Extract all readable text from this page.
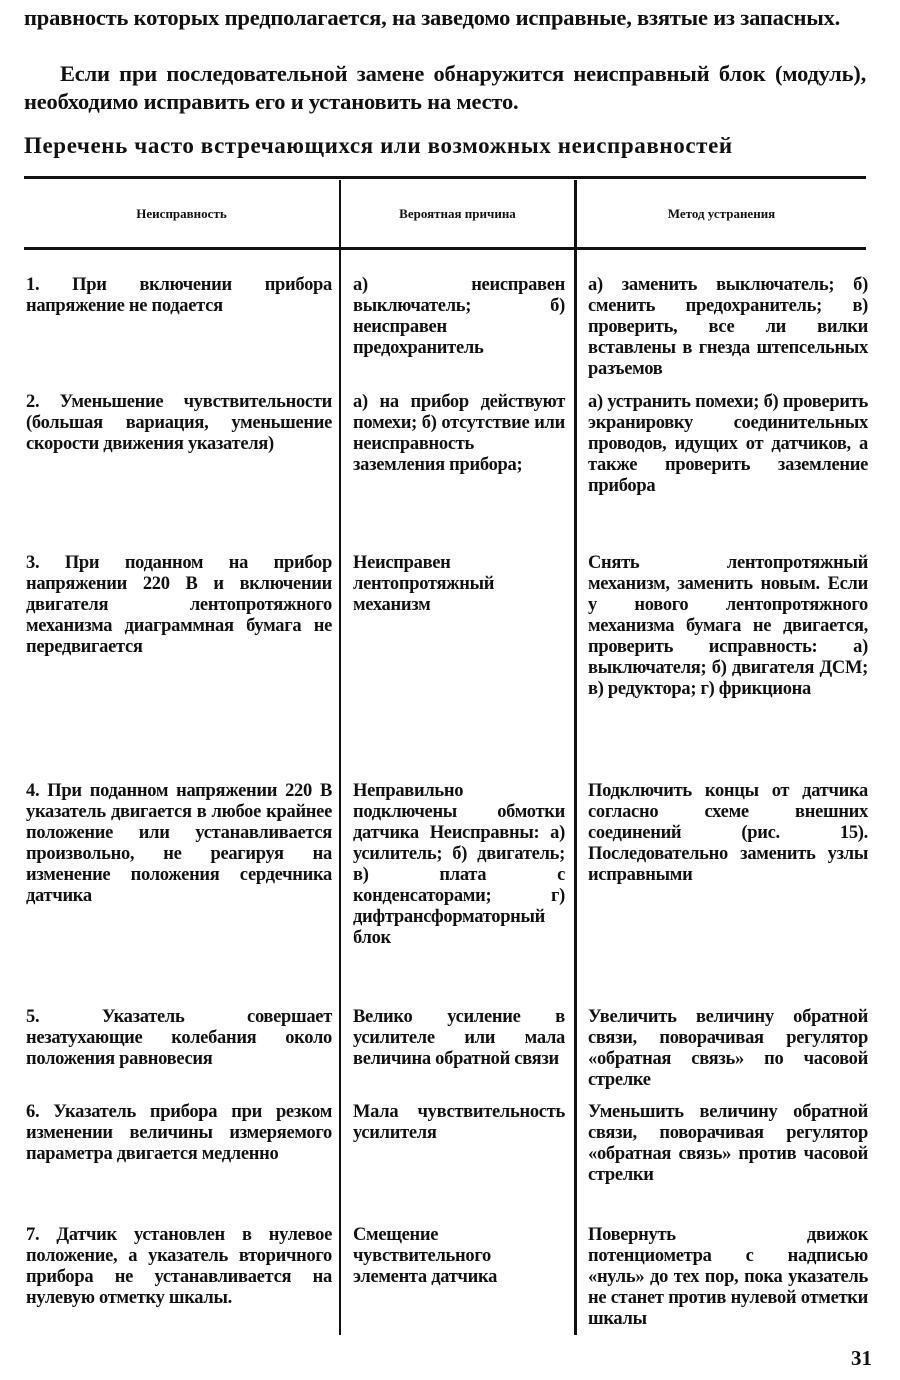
правность которых предполагается, на заведомо исправные, взятые из запасных.
Если при последовательной замене обнаружится неисправный блок (модуль), необходимо исправить его и установить на место.
Перечень часто встречающихся или возможных неисправностей
Неисправность	Вероятная причина	Метод устранения
1. При включении прибора напряжение не подается
а) неисправен выключатель; б) неисправен предохранитель
а) заменить выключатель; б) сменить предохранитель; в) проверить, все ли вилки вставлены в гнезда штепсельных разъемов
2. Уменьшение чувствительности (большая вариация, уменьшение скорости движения указателя)
а) на прибор действуют помехи; б) отсутствие или неисправность заземления прибора;
а) устранить помехи; б) проверить экранировку соединительных проводов, идущих от датчиков, а также проверить заземление прибора
3. При поданном на прибор напряжении 220 В и включении двигателя лентопротяжного механизма диаграммная бумага не передвигается
Неисправен лентопротяжный механизм
Снять лентопротяжный механизм, заменить новым. Если у нового лентопротяжного механизма бумага не двигается, проверить исправность: а) выключателя; б) двигателя ДСМ; в) редуктора; г) фрикциона
4. При поданном напряжении 220 В указатель двигается в любое крайнее положение или устанавливается произвольно, не реагируя на изменение положения сердечника датчика
Неправильно подключены обмотки датчика Неисправны: а) усилитель; б) двигатель; в) плата с конденсаторами; г) дифтрансформаторный блок
Подключить концы от датчика согласно схеме внешних соединений (рис. 15). Последовательно заменить узлы исправными
5. Указатель совершает незатухающие колебания около положения равновесия
Велико усиление в усилителе или мала величина обратной связи
Увеличить величину обратной связи, поворачивая регулятор «обратная связь» по часовой стрелке
6. Указатель прибора при резком изменении величины измеряемого параметра двигается медленно
Мала чувствительность усилителя
Уменьшить величину обратной связи, поворачивая регулятор «обратная связь» против часовой стрелки
7. Датчик установлен в нулевое положение, а указатель вторичного прибора не устанавливается на нулевую отметку шкалы.
Смещение чувствительного элемента датчика
Повернуть движок потенциометра с надписью «нуль» до тех пор, пока указатель не станет против нулевой отметки шкалы
31
